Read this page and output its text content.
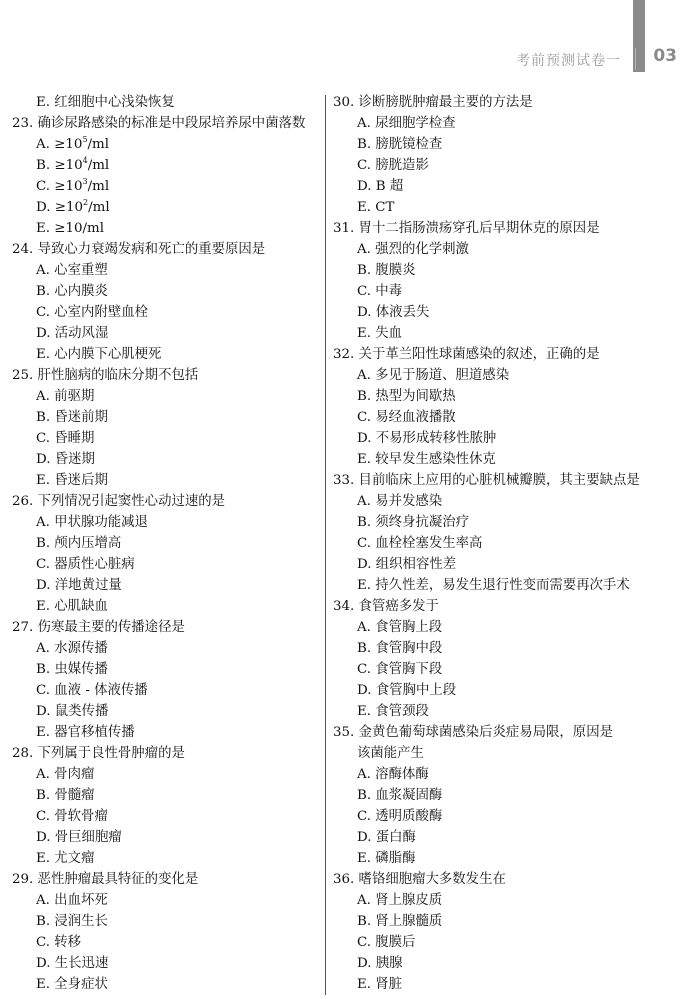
考前预测试卷一 03
E. 红细胞中心浅染恢复
23. 确诊尿路感染的标准是中段尿培养尿中菌落数
A. $\ge 10^5/ml$
B. $\ge 10^4/ml$
C. $\ge 10^3/ml$
D. $\ge 10^2/ml$
E. ≥10/ml
24. 导致心力衰竭发病和死亡的重要原因是
A. 心室重塑
B. 心内膜炎
C. 心室内附壁血栓
D. 活动风湿
E. 心内膜下心肌梗死
25. 肝性脑病的临床分期不包括
A. 前驱期
B. 昏迷前期
C. 昏睡期
D. 昏迷期
E. 昏迷后期
26. 下列情况引起窦性心动过速的是
A. 甲状腺功能减退
B. 颅内压增高
C. 器质性心脏病
D. 洋地黄过量
E. 心肌缺血
27. 伤寒最主要的传播途径是
A. 水源传播
B. 虫媒传播
C. 血液 - 体液传播
D. 鼠类传播
E. 器官移植传播
28. 下列属于良性骨肿瘤的是
A. 骨肉瘤
B. 骨髓瘤
C. 骨软骨瘤
D. 骨巨细胞瘤
E. 尤文瘤
29. 恶性肿瘤最具特征的变化是
A. 出血坏死
B. 浸润生长
C. 转移
D. 生长迅速
E. 全身症状
30. 诊断膀胱肿瘤最主要的方法是
A. 尿细胞学检查
B. 膀胱镜检查
C. 膀胱造影
D. B 超
E. CT
31. 胃十二指肠溃疡穿孔后早期休克的原因是
A. 强烈的化学刺激
B. 腹膜炎
C. 中毒
D. 体液丢失
E. 失血
32. 关于革兰阳性球菌感染的叙述，正确的是
A. 多见于肠道、胆道感染
B. 热型为间歇热
C. 易经血液播散
D. 不易形成转移性脓肿
E. 较早发生感染性休克
33. 目前临床上应用的心脏机械瓣膜，其主要缺点是
A. 易并发感染
B. 须终身抗凝治疗
C. 血栓栓塞发生率高
D. 组织相容性差
E. 持久性差，易发生退行性变而需要再次手术
34. 食管癌多发于
A. 食管胸上段
B. 食管胸中段
C. 食管胸下段
D. 食管胸中上段
E. 食管颈段
35. 金黄色葡萄球菌感染后炎症易局限，原因是
该菌能产生
A. 溶酶体酶
B. 血浆凝固酶
C. 透明质酸酶
D. 蛋白酶
E. 磷脂酶
36. 嗜铬细胞瘤大多数发生在
A. 肾上腺皮质
B. 肾上腺髓质
C. 腹膜后
D. 胰腺
E. 肾脏
